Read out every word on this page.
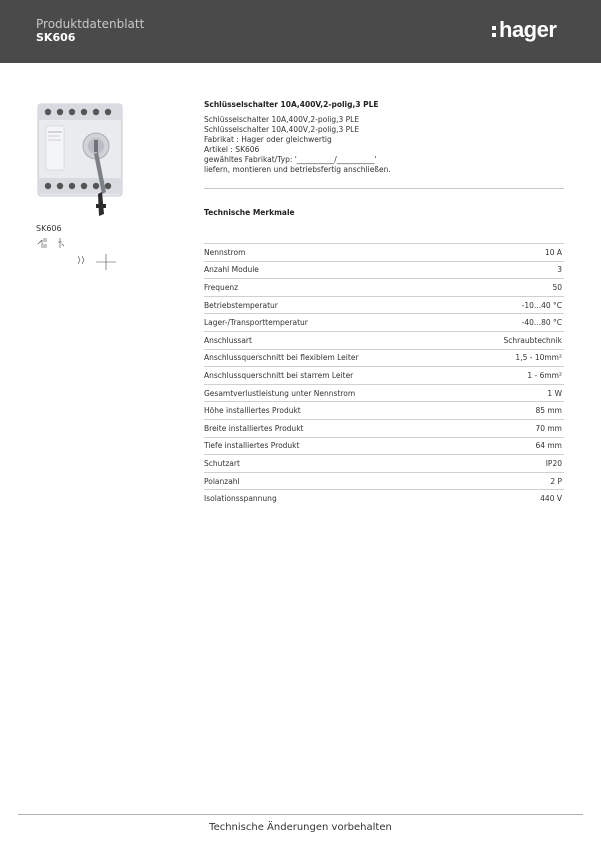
Produktdatenblatt
SK606	hager
SK606
Schlüsselschalter 10A,400V,2-polig,3 PLE
Schlüsselschalter 10A,400V,2-polig,3 PLE
Schlüsselschalter 10A,400V,2-polig,3 PLE
Fabrikat : Hager oder gleichwertig
Artikel : SK606
gewähltes Fabrikat/Typ: '__________/__________'
liefern, montieren und betriebsfertig anschließen.
Technische Merkmale
Nennstrom	10 A
Anzahl Module	3
Frequenz	50
Betriebstemperatur	-10...40 °C
Lager-/Transporttemperatur	-40...80 °C
Anschlussart	Schraubtechnik
Anschlussquerschnitt bei flexiblem Leiter	1,5 - 10mm²
Anschlussquerschnitt bei starrem Leiter	1 - 6mm²
Gesamtverlustleistung unter Nennstrom	1 W
Höhe installiertes Produkt	85 mm
Breite installiertes Produkt	70 mm
Tiefe installiertes Produkt	64 mm
Schutzart	IP20
Polanzahl	2 P
Isolationsspannung	440 V
Technische Änderungen vorbehalten
